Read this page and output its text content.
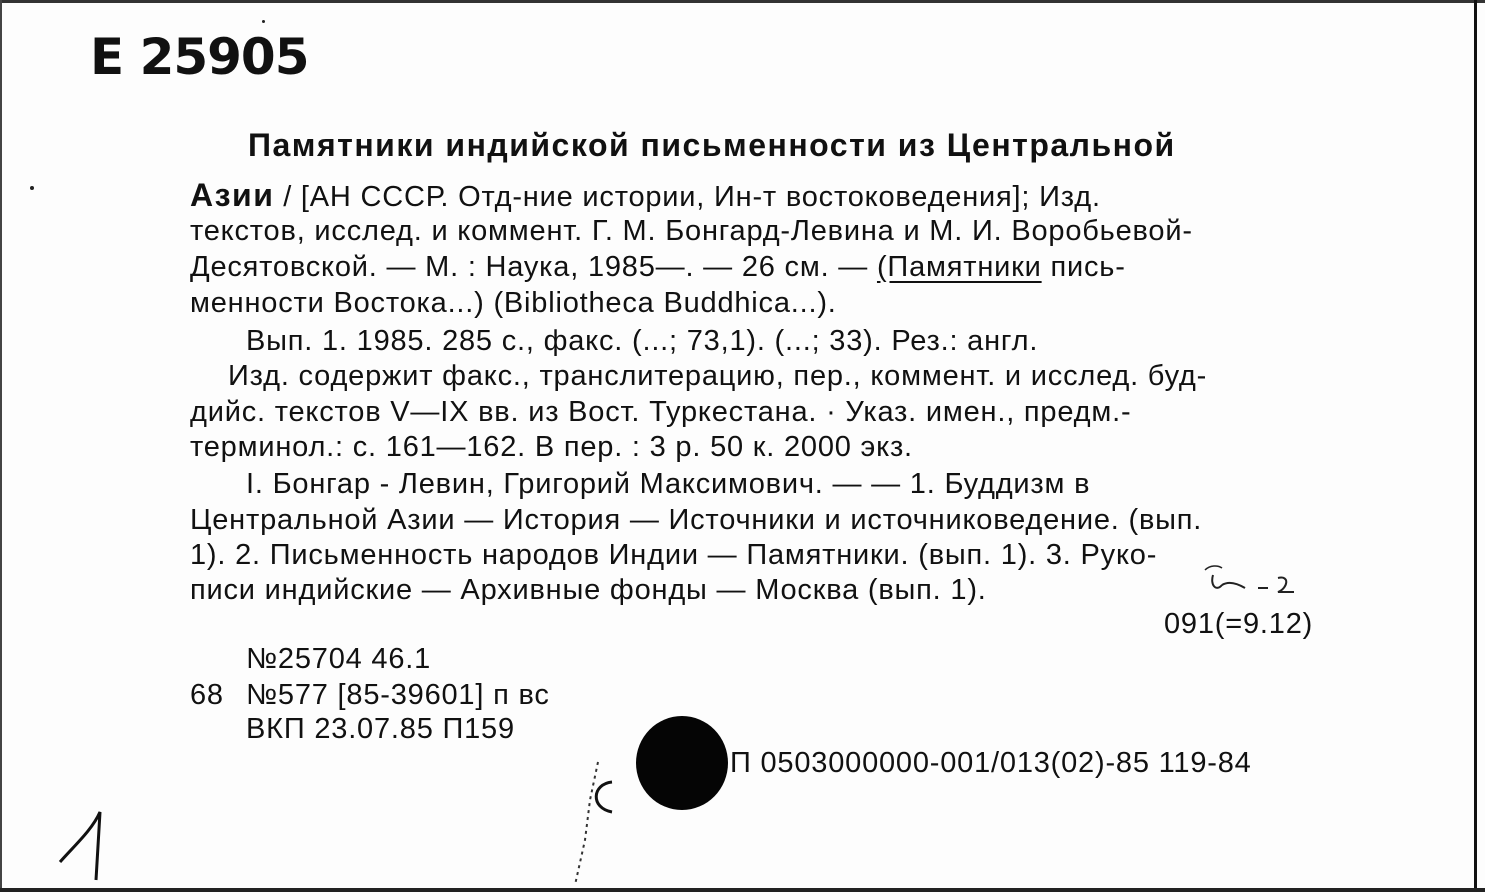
E 25905
Памятники индийской письменности из Центральной
Азии / [АН СССР. Отд-ние истории, Ин-т востоковедения]; Изд.
текстов, исслед. и коммент. Г. М. Бонгард-Левина и М. И. Воробьевой-
Десятовской. — М. : Наука, 1985—. — 26 см. — (Памятники пись-
менности Востока...) (Bibliotheca Buddhica...).
Вып. 1. 1985. 285 с., факс. (...; 73,1). (...; 33). Рез.: англ.
Изд. содержит факс., транслитерацию, пер., коммент. и исслед. буд-
дийс. текстов V—IX вв. из Вост. Туркестана. · Указ. имен., предм.-
терминол.: с. 161—162. В пер. : 3 р. 50 к. 2000 экз.
I. Бонгар - Левин, Григорий Максимович. — — 1. Буддизм в
Центральной Азии — История — Источники и источниковедение. (вып.
1). 2. Письменность народов Индии — Памятники. (вып. 1). 3. Руко-
писи индийские — Архивные фонды — Москва (вып. 1).
091(=9.12)
№25704 46.1
68 №577 [85-39601] п вс
ВКП 23.07.85 П159
П 0503000000-001/013(02)-85 119-84
